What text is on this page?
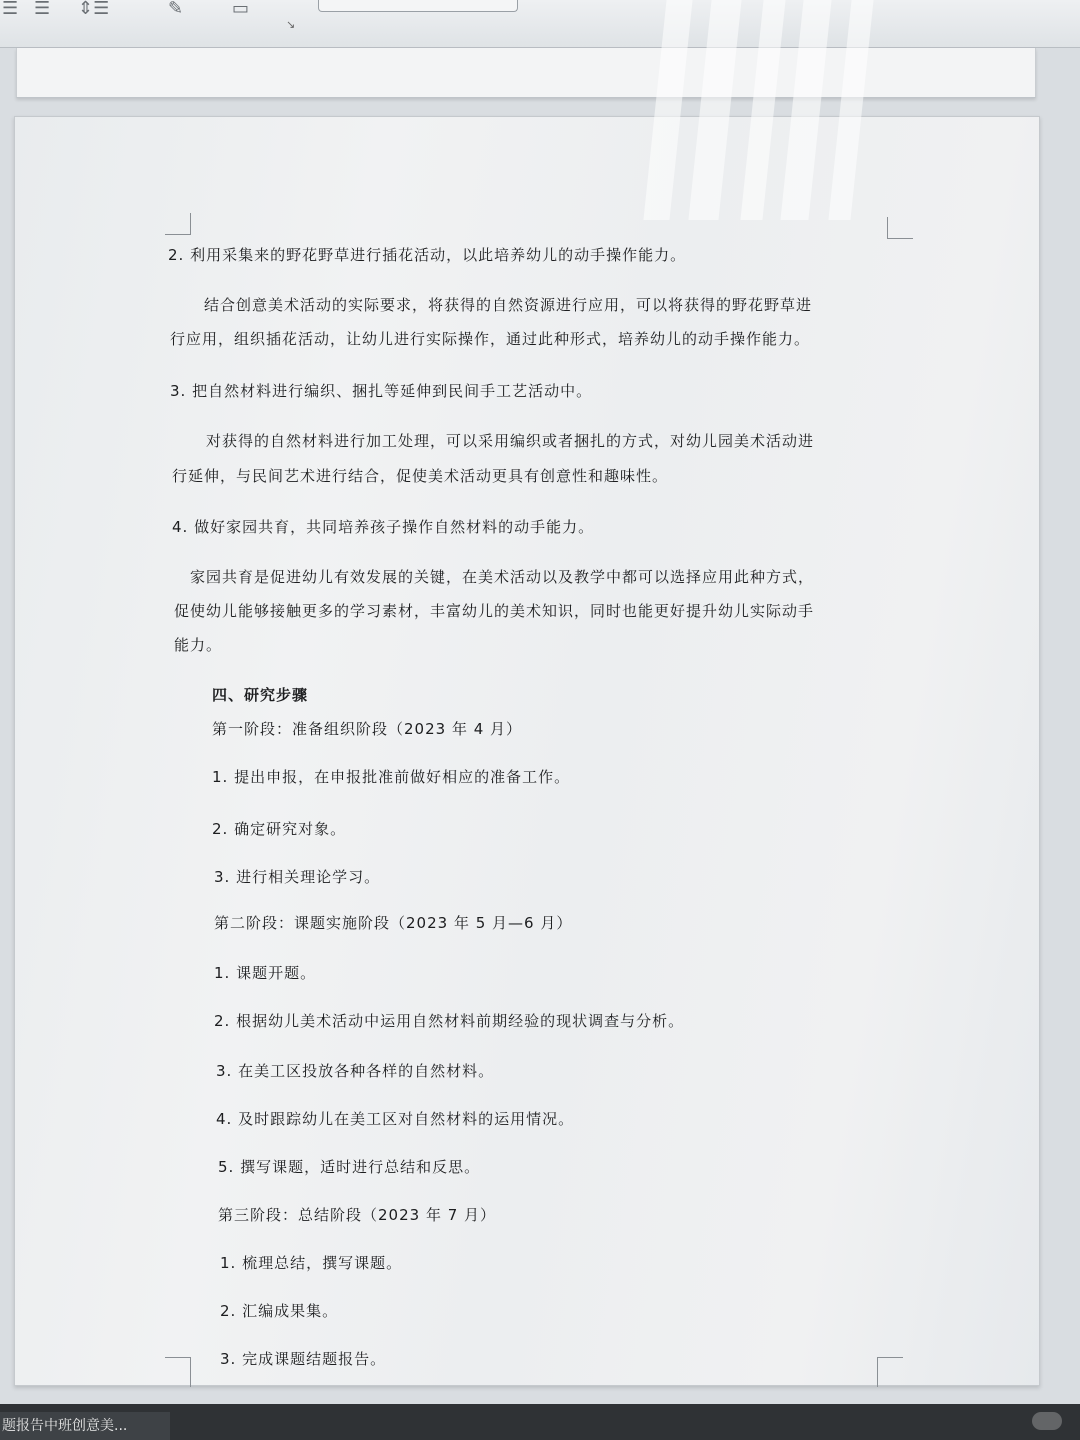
☰ ☰ ⇕☰	✎	▭
↘
2. 利用采集来的野花野草进行插花活动，以此培养幼儿的动手操作能力。
结合创意美术活动的实际要求，将获得的自然资源进行应用，可以将获得的野花野草进
行应用，组织插花活动，让幼儿进行实际操作，通过此种形式，培养幼儿的动手操作能力。
3. 把自然材料进行编织、捆扎等延伸到民间手工艺活动中。
对获得的自然材料进行加工处理，可以采用编织或者捆扎的方式，对幼儿园美术活动进
行延伸，与民间艺术进行结合，促使美术活动更具有创意性和趣味性。
4. 做好家园共育，共同培养孩子操作自然材料的动手能力。
家园共育是促进幼儿有效发展的关键，在美术活动以及教学中都可以选择应用此种方式，
促使幼儿能够接触更多的学习素材，丰富幼儿的美术知识，同时也能更好提升幼儿实际动手
能力。
四、研究步骤
第一阶段：准备组织阶段（2023 年 4 月）
1. 提出申报，在申报批准前做好相应的准备工作。
2. 确定研究对象。
3. 进行相关理论学习。
第二阶段：课题实施阶段（2023 年 5 月—6 月）
1. 课题开题。
2. 根据幼儿美术活动中运用自然材料前期经验的现状调查与分析。
3. 在美工区投放各种各样的自然材料。
4. 及时跟踪幼儿在美工区对自然材料的运用情况。
5. 撰写课题，适时进行总结和反思。
第三阶段：总结阶段（2023 年 7 月）
1. 梳理总结，撰写课题。
2. 汇编成果集。
3. 完成课题结题报告。
题报告中班创意美...
